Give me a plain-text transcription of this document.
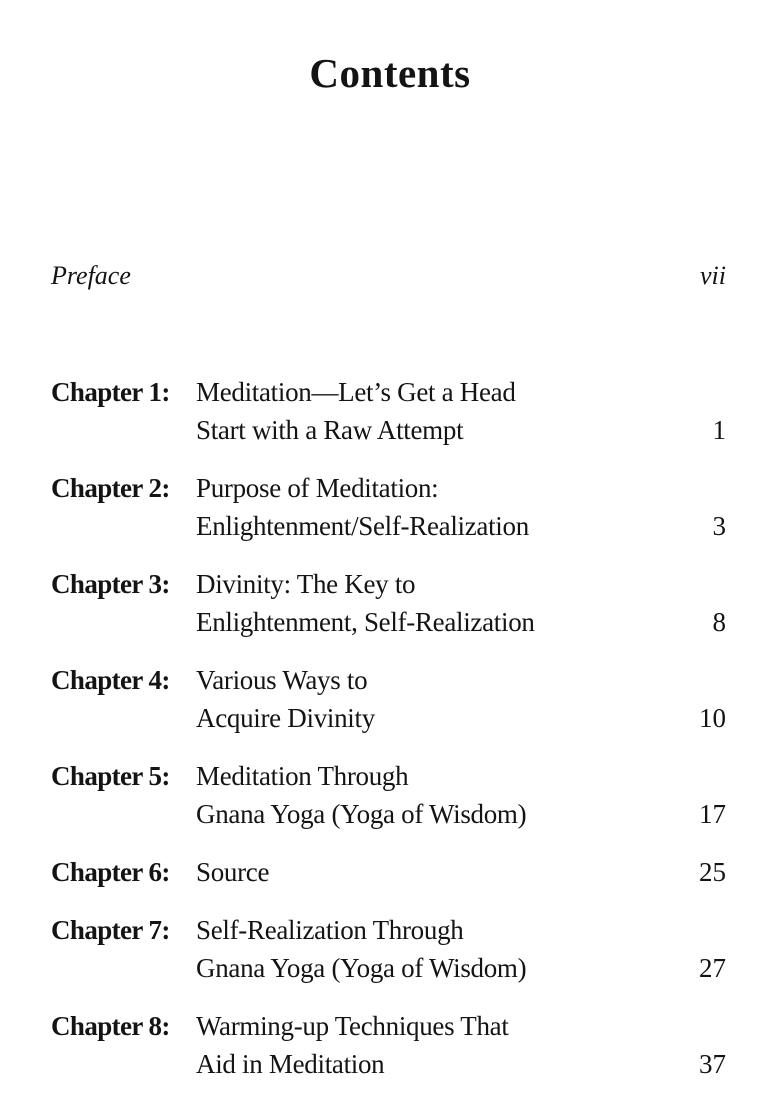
Contents
Preface	vii
Chapter 1: Meditation—Let’s Get a Head
Start with a Raw Attempt	1
Chapter 2: Purpose of Meditation:
Enlightenment/Self-Realization	3
Chapter 3: Divinity: The Key to
Enlightenment, Self-Realization	8
Chapter 4: Various Ways to
Acquire Divinity	10
Chapter 5: Meditation Through
Gnana Yoga (Yoga of Wisdom)	17
Chapter 6: Source	25
Chapter 7: Self-Realization Through
Gnana Yoga (Yoga of Wisdom)	27
Chapter 8: Warming-up Techniques That
Aid in Meditation	37
